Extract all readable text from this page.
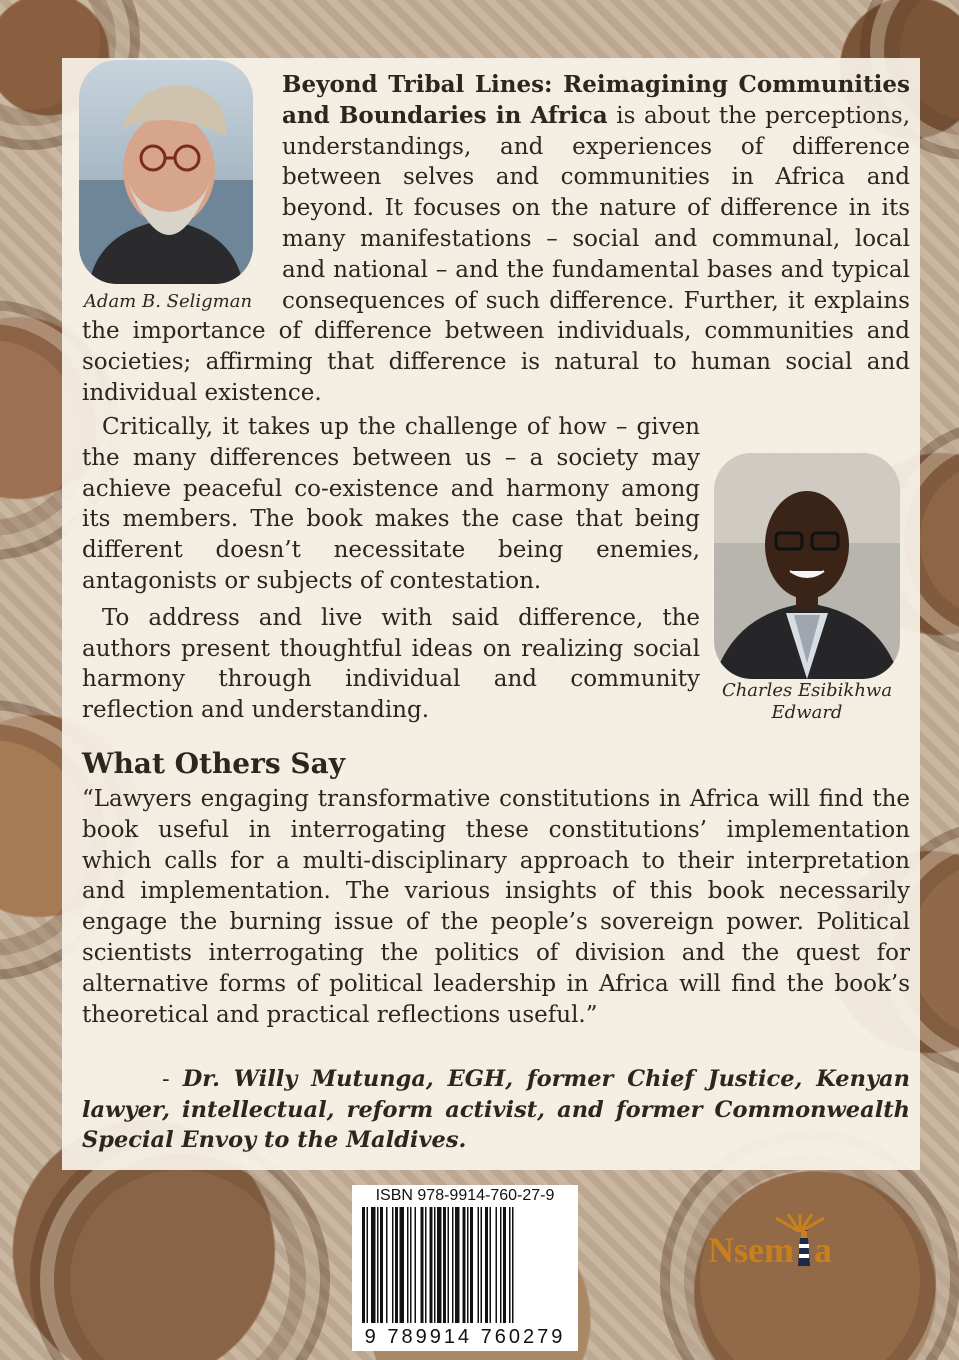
Adam B. Seligman

Beyond Tribal Lines: Reimagining Communities and Boundaries in Africa is about the perceptions, understandings, and experiences of difference between selves and communities in Africa and beyond. It focuses on the nature of difference in its many manifestations – social and communal, local and national – and the fundamental bases and typical consequences of such difference. Further, it explains the importance of difference between individuals, communities and societies; affirming that difference is natural to human social and individual existence.

Critically, it takes up the challenge of how – given the many differences between us – a society may achieve peaceful co-existence and harmony among its members. The book makes the case that being different doesn’t necessitate being enemies, antagonists or subjects of contestation.
To address and live with said difference, the authors present thoughtful ideas on realizing social harmony through individual and community reflection and understanding.

Charles Esibikhwa
Edward
What Others Say

“Lawyers engaging transformative constitutions in Africa will find the book useful in interrogating these constitutions’ implementation which calls for a multi-disciplinary approach to their interpretation and implementation. The various insights of this book necessarily engage the burning issue of the people’s sovereign power. Political scientists interrogating the politics of division and the quest for alternative forms of political leadership in Africa will find the book’s theoretical and practical reflections useful.”

- Dr. Willy Mutunga, EGH, former Chief Justice, Kenyan lawyer, intellectual, reform activist, and former Commonwealth Special Envoy to the Maldives.

ISBN 978-9914-760-27-9
9 789914 760279
Nsem a
